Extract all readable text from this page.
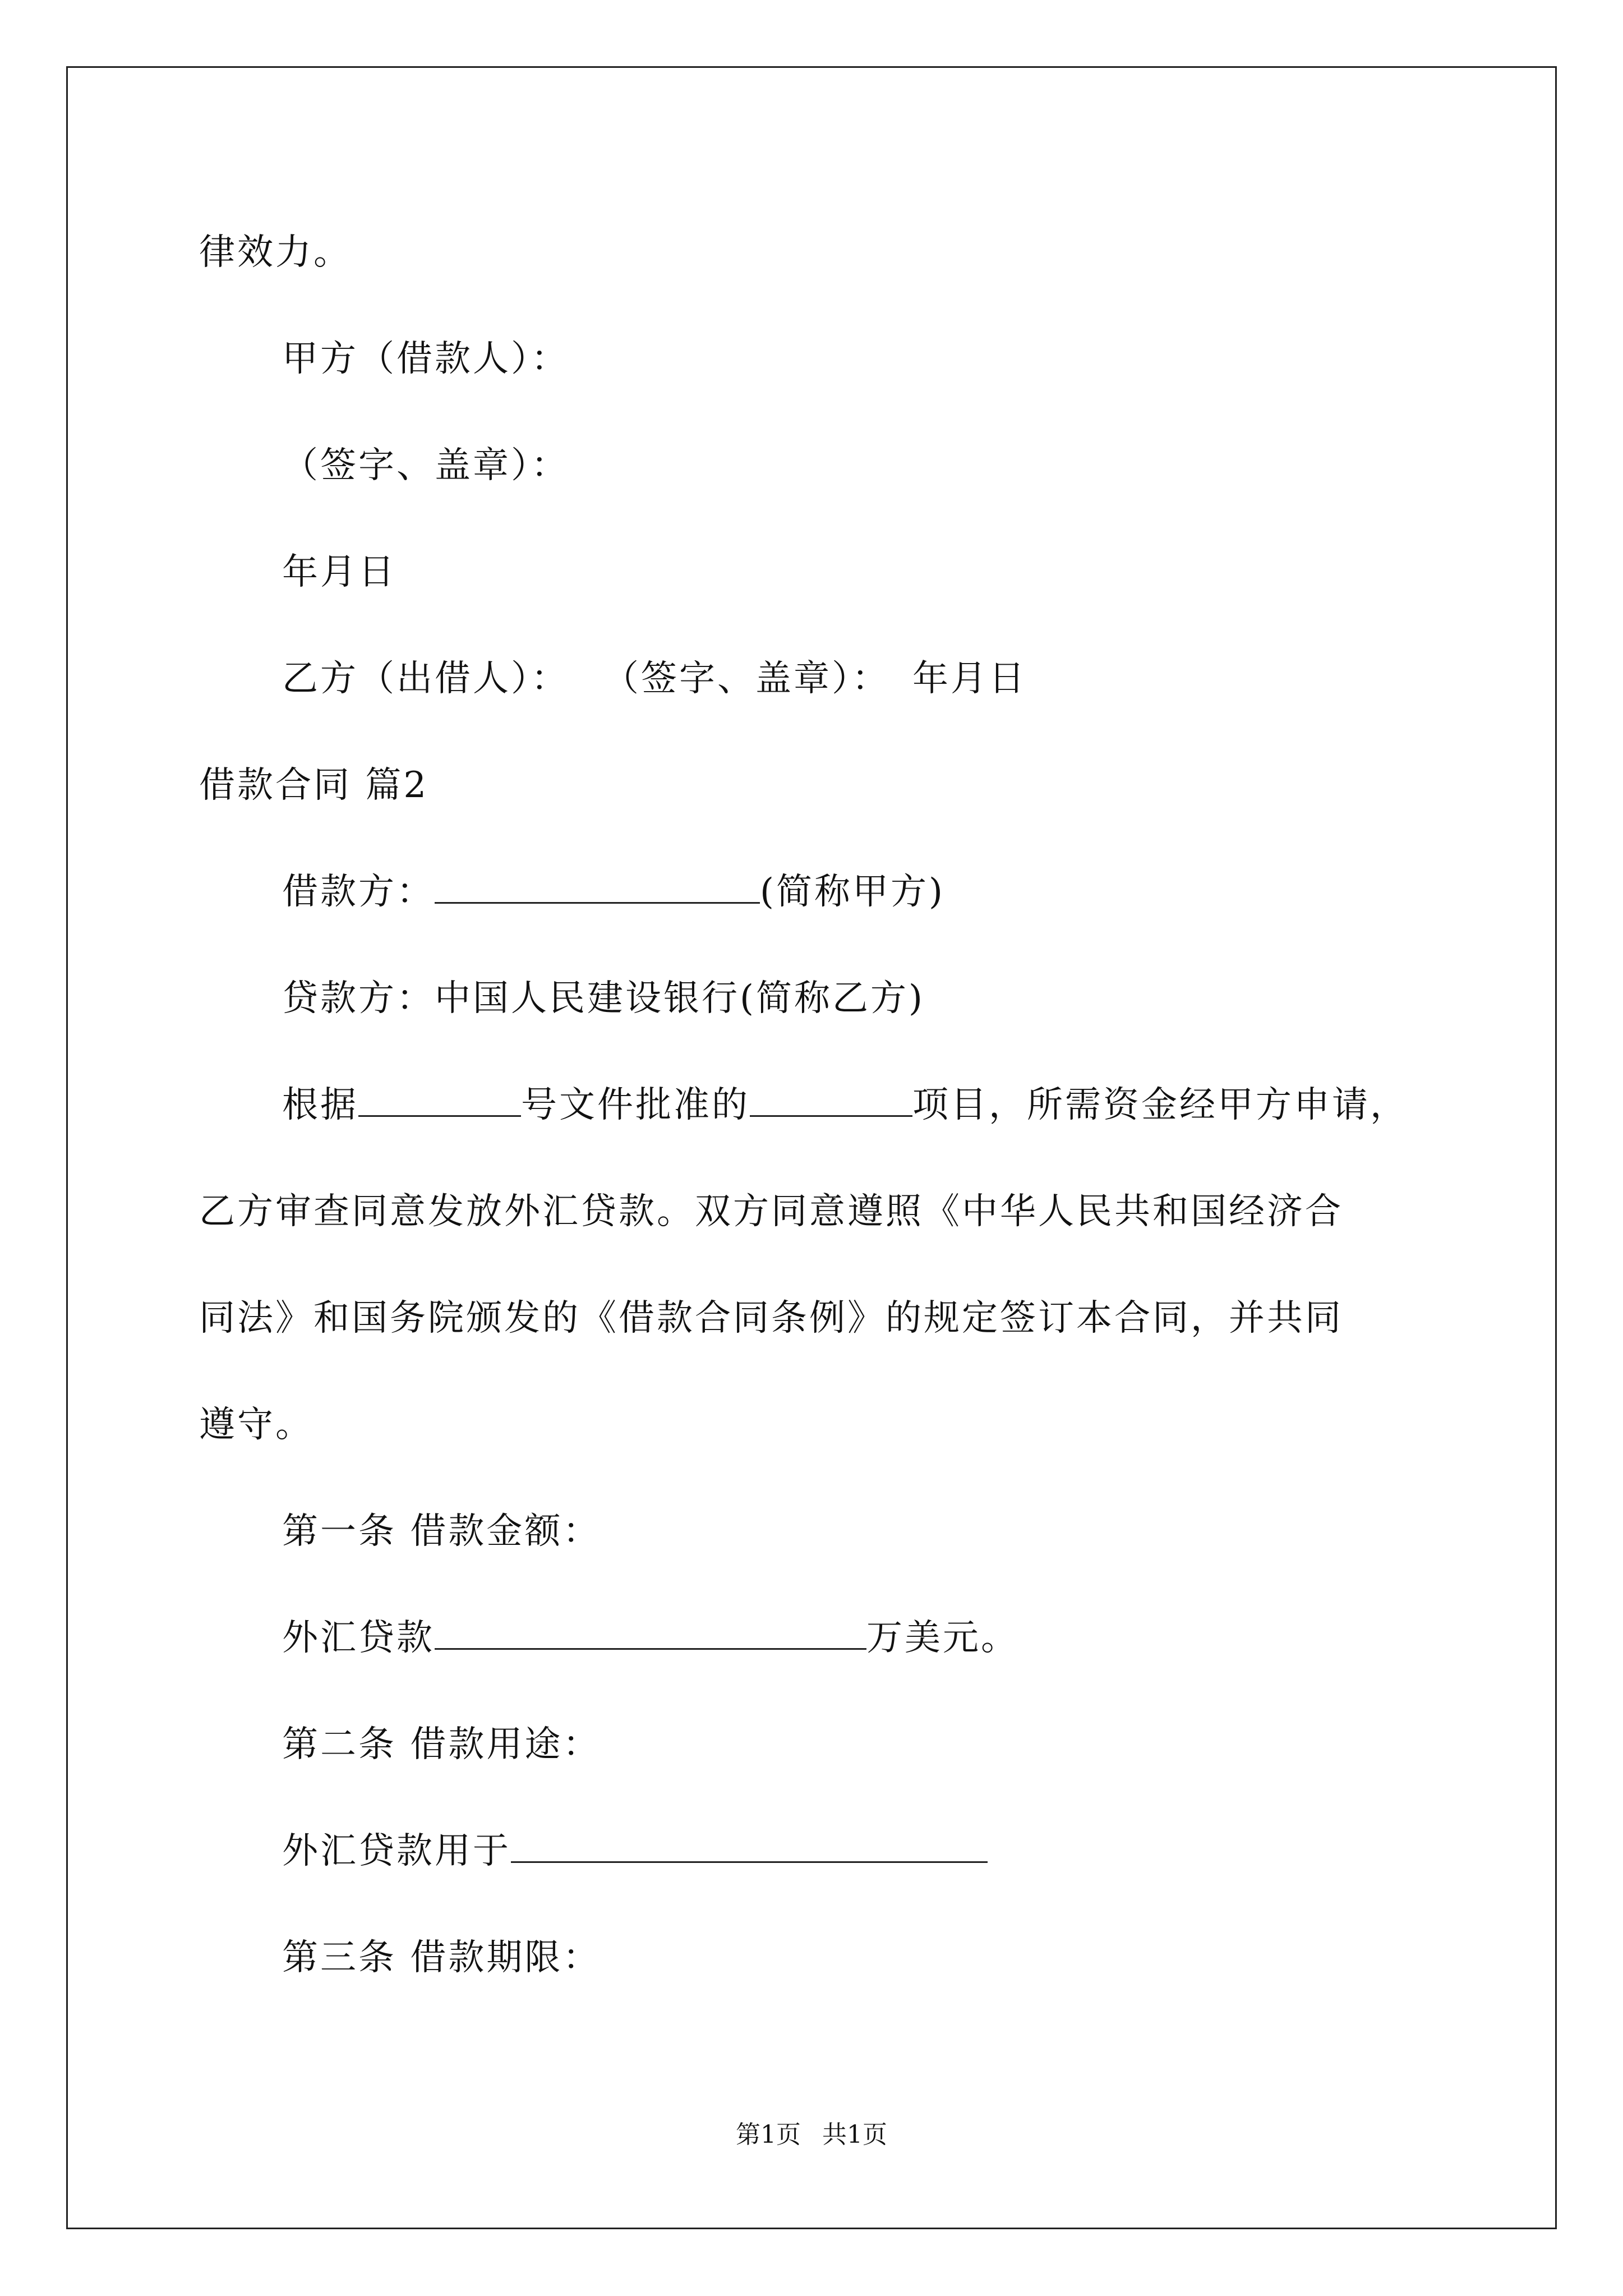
律效力。
甲方（借款人）：
（签字、盖章）：
年月日
乙方（出借人）： （签字、盖章）： 年月日
借款合同 篇2
借款方：	(简称甲方)
贷款方：中国人民建设银行(简称乙方)
根据	号文件批准的	项目，所需资金经甲方申请，
乙方审查同意发放外汇贷款。双方同意遵照《中华人民共和国经济合
同法》和国务院颁发的《借款合同条例》的规定签订本合同，并共同
遵守。
第一条 借款金额：
外汇贷款	万美元。
第二条 借款用途：
外汇贷款用于
第三条 借款期限：
第1页 共1页
